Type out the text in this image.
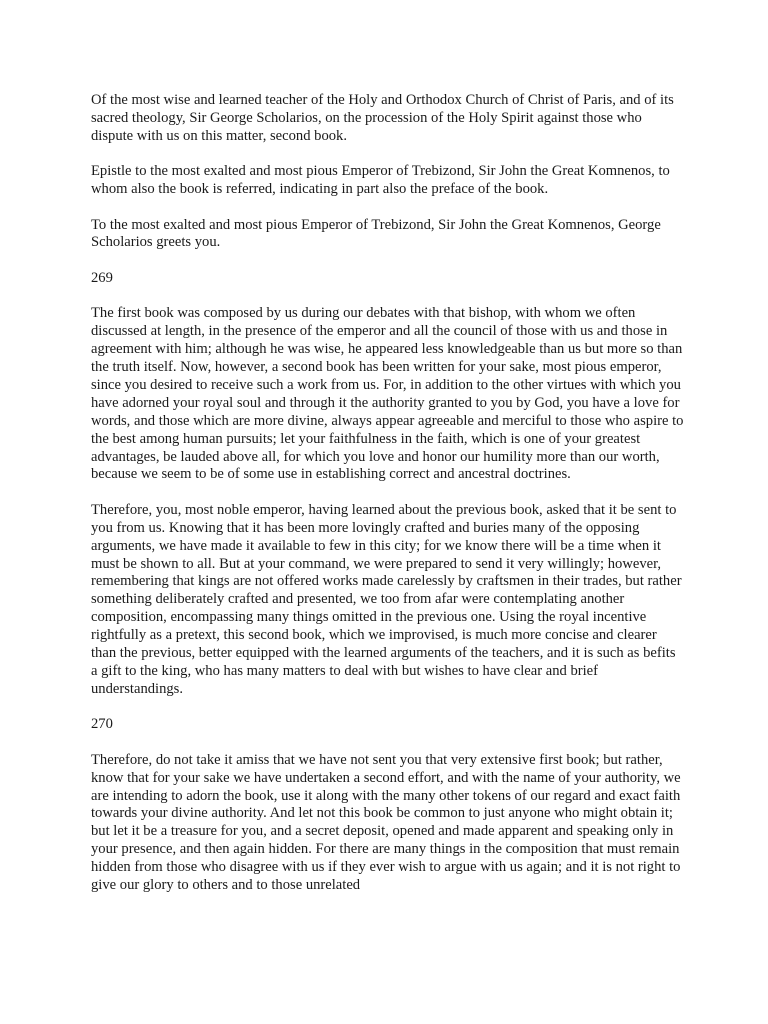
Of the most wise and learned teacher of the Holy and Orthodox Church of Christ of Paris, and of its sacred theology, Sir George Scholarios, on the procession of the Holy Spirit against those who dispute with us on this matter, second book.

Epistle to the most exalted and most pious Emperor of Trebizond, Sir John the Great Komnenos, to whom also the book is referred, indicating in part also the preface of the book.

To the most exalted and most pious Emperor of Trebizond, Sir John the Great Komnenos, George Scholarios greets you.

269

The first book was composed by us during our debates with that bishop, with whom we often discussed at length, in the presence of the emperor and all the council of those with us and those in agreement with him; although he was wise, he appeared less knowledgeable than us but more so than the truth itself. Now, however, a second book has been written for your sake, most pious emperor, since you desired to receive such a work from us. For, in addition to the other virtues with which you have adorned your royal soul and through it the authority granted to you by God, you have a love for words, and those which are more divine, always appear agreeable and merciful to those who aspire to the best among human pursuits; let your faithfulness in the faith, which is one of your greatest advantages, be lauded above all, for which you love and honor our humility more than our worth, because we seem to be of some use in establishing correct and ancestral doctrines.

Therefore, you, most noble emperor, having learned about the previous book, asked that it be sent to you from us. Knowing that it has been more lovingly crafted and buries many of the opposing arguments, we have made it available to few in this city; for we know there will be a time when it must be shown to all. But at your command, we were prepared to send it very willingly; however, remembering that kings are not offered works made carelessly by craftsmen in their trades, but rather something deliberately crafted and presented, we too from afar were contemplating another composition, encompassing many things omitted in the previous one. Using the royal incentive rightfully as a pretext, this second book, which we improvised, is much more concise and clearer than the previous, better equipped with the learned arguments of the teachers, and it is such as befits a gift to the king, who has many matters to deal with but wishes to have clear and brief understandings.

270

Therefore, do not take it amiss that we have not sent you that very extensive first book; but rather, know that for your sake we have undertaken a second effort, and with the name of your authority, we are intending to adorn the book, use it along with the many other tokens of our regard and exact faith towards your divine authority. And let not this book be common to just anyone who might obtain it; but let it be a treasure for you, and a secret deposit, opened and made apparent and speaking only in your presence, and then again hidden. For there are many things in the composition that must remain hidden from those who disagree with us if they ever wish to argue with us again; and it is not right to give our glory to others and to those unrelated
